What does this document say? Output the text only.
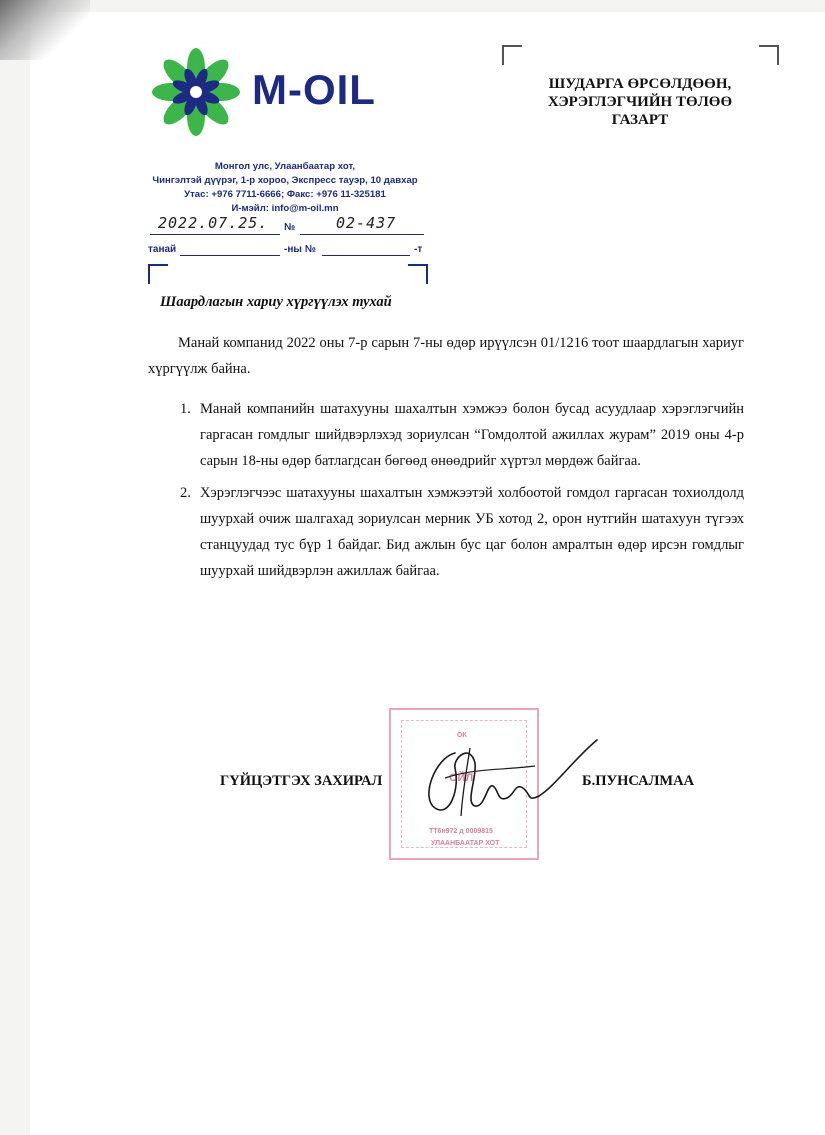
M-OIL
Монгол улс, Улаанбаатар хот,
Чингэлтэй дүүрэг, 1-р хороо, Экспресс тауэр, 10 давхар
Утас: +976 7711-6666; Факс: +976 11-325181
И-мэйл: info@m-oil.mn
2022.07.25. №	02-437
танай	-ны №	-т
ШУДАРГА ӨРСӨЛДӨӨН,
ХЭРЭГЛЭГЧИЙН ТӨЛӨӨ
ГАЗАРТ
Шаардлагын хариу хүргүүлэх тухай
Манай компанид 2022 оны 7-р сарын 7-ны өдөр ирүүлсэн 01/1216 тоот шаардлагын хариуг хүргүүлж байна.
1. Манай компанийн шатахууны шахалтын хэмжээ болон бусад асуудлаар хэрэглэгчийн гаргасан гомдлыг шийдвэрлэхэд зориулсан “Гомдолтой ажиллах журам” 2019 оны 4-р сарын 18-ны өдөр батлагдсан бөгөөд өнөөдрийг хүртэл мөрдөж байгаа.
2. Хэрэглэгчээс шатахууны шахалтын хэмжээтэй холбоотой гомдол гаргасан тохиолдолд шуурхай очиж шалгахад зориулсан мерник УБ хотод 2, орон нутгийн шатахуун түгээх станцуудад тус бүр 1 байдаг. Бид ажлын бус цаг болон амралтын өдөр ирсэн гомдлыг шуурхай шийдвэрлэн ажиллаж байгаа.
ОК
ОЙЛ
ТТ6н972 д 0009815
УЛААНБААТАР ХОТ
ГҮЙЦЭТГЭХ ЗАХИРАЛ	Б.ПУНСАЛМАА
